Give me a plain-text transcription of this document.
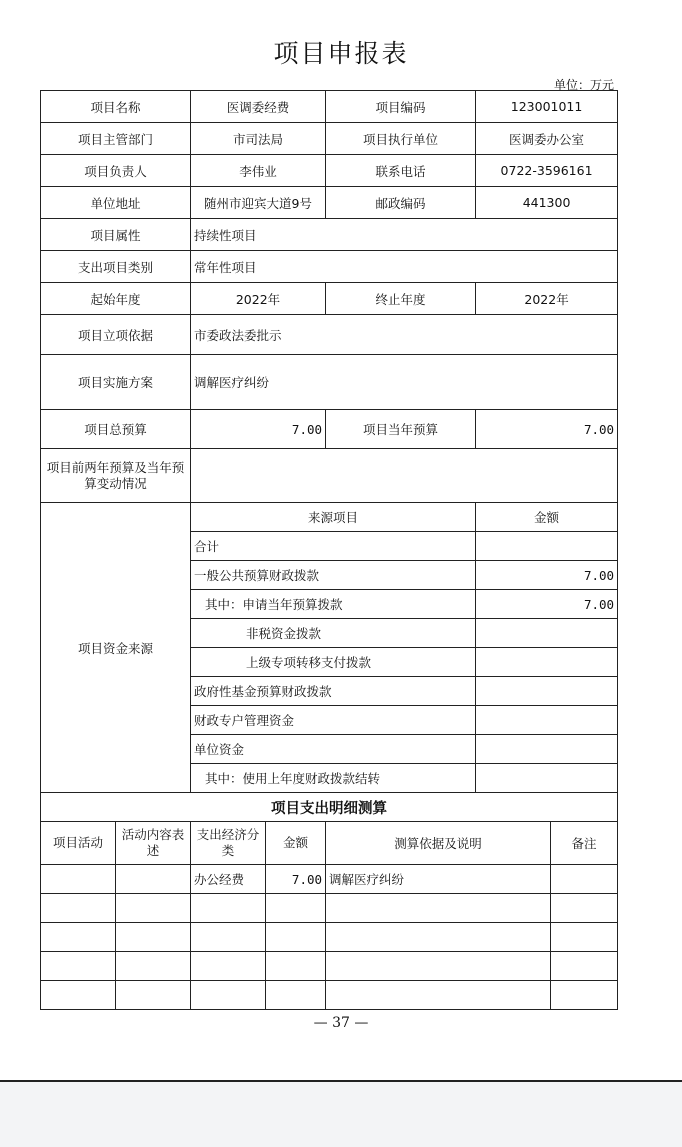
项目申报表
单位：万元
项目名称		医调委经费		项目编码	123001011	
项目主管部门		市司法局		项目执行单位	医调委办公室	
项目负责人		李伟业		联系电话	0722-3596161	
单位地址		随州市迎宾大道9号		邮政编码	441300	
项目属性		持续性项目				
支出项目类别		常年性项目				
起始年度		2022年		终止年度	2022年	
项目立项依据		市委政法委批示				
项目实施方案		调解医疗纠纷				
项目总预算		7.00		项目当年预算	7.00	
项目前两年预算及当年预算变动情况						
项目资金来源		来源项目			金额	
		合计				
		一般公共预算财政拨款			7.00	
		其中：申请当年预算拨款			7.00	
		非税资金拨款				
		上级专项转移支付拨款				
		政府性基金预算财政拨款				
		财政专户管理资金				
		单位资金				
		其中：使用上年度财政拨款结转				
项目支出明细测算						
项目活动	活动内容表述	支出经济分类	金额	测算依据及说明		备注
		办公经费	7.00	调解医疗纠纷		

— 37 —
